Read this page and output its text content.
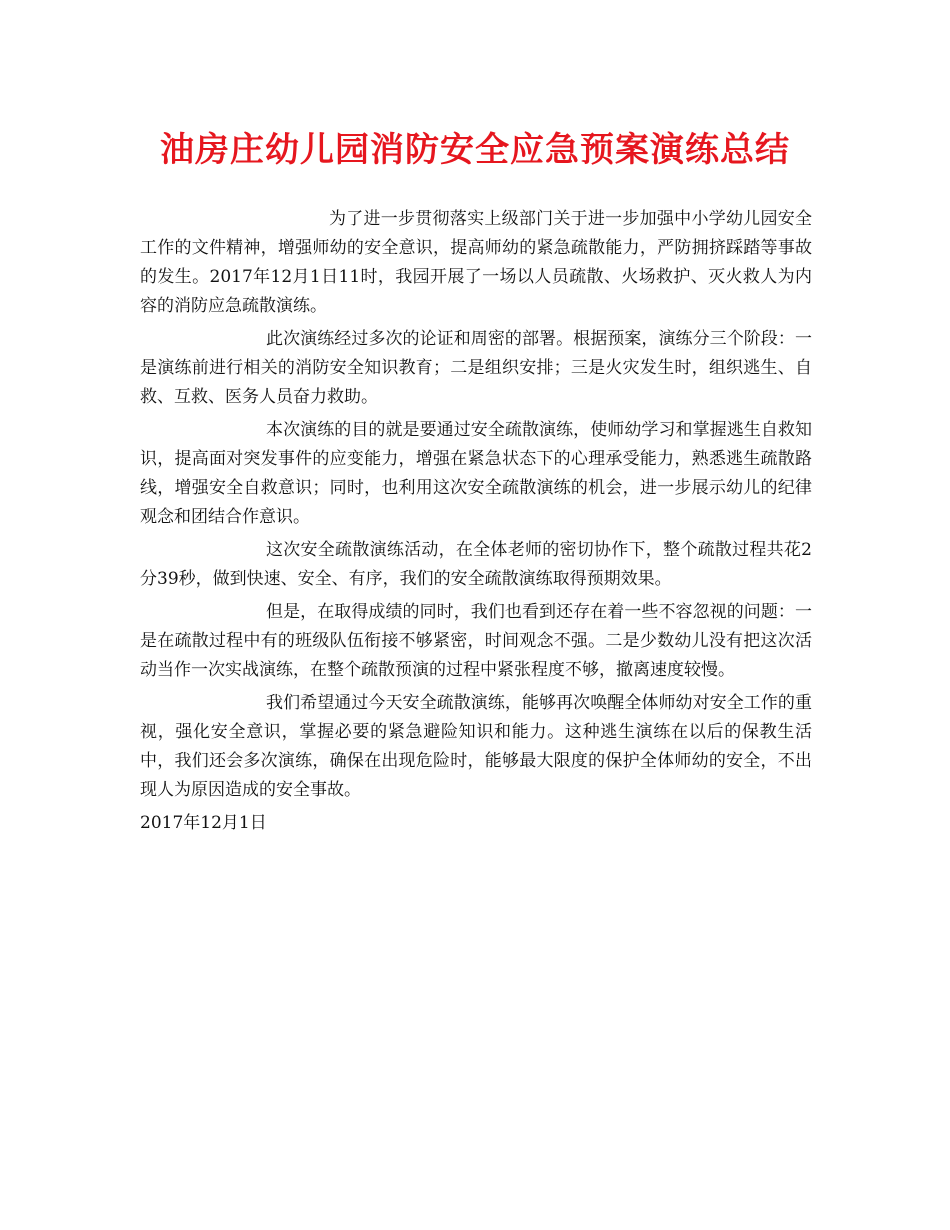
油房庄幼儿园消防安全应急预案演练总结

为了进一步贯彻落实上级部门关于进一步加强中小学幼儿园安全工作的文件精神，增强师幼的安全意识，提高师幼的紧急疏散能力，严防拥挤踩踏等事故的发生。2017年12月1日11时，我园开展了一场以人员疏散、火场救护、灭火救人为内容的消防应急疏散演练。

此次演练经过多次的论证和周密的部署。根据预案，演练分三个阶段：一是演练前进行相关的消防安全知识教育；二是组织安排；三是火灾发生时，组织逃生、自救、互救、医务人员奋力救助。

本次演练的目的就是要通过安全疏散演练，使师幼学习和掌握逃生自救知识，提高面对突发事件的应变能力，增强在紧急状态下的心理承受能力，熟悉逃生疏散路线，增强安全自救意识；同时，也利用这次安全疏散演练的机会，进一步展示幼儿的纪律观念和团结合作意识。

这次安全疏散演练活动，在全体老师的密切协作下，整个疏散过程共花2分39秒，做到快速、安全、有序，我们的安全疏散演练取得预期效果。

但是，在取得成绩的同时，我们也看到还存在着一些不容忽视的问题：一是在疏散过程中有的班级队伍衔接不够紧密，时间观念不强。二是少数幼儿没有把这次活动当作一次实战演练，在整个疏散预演的过程中紧张程度不够，撤离速度较慢。

我们希望通过今天安全疏散演练，能够再次唤醒全体师幼对安全工作的重视，强化安全意识，掌握必要的紧急避险知识和能力。这种逃生演练在以后的保教生活中，我们还会多次演练，确保在出现危险时，能够最大限度的保护全体师幼的安全，不出现人为原因造成的安全事故。

2017年12月1日
